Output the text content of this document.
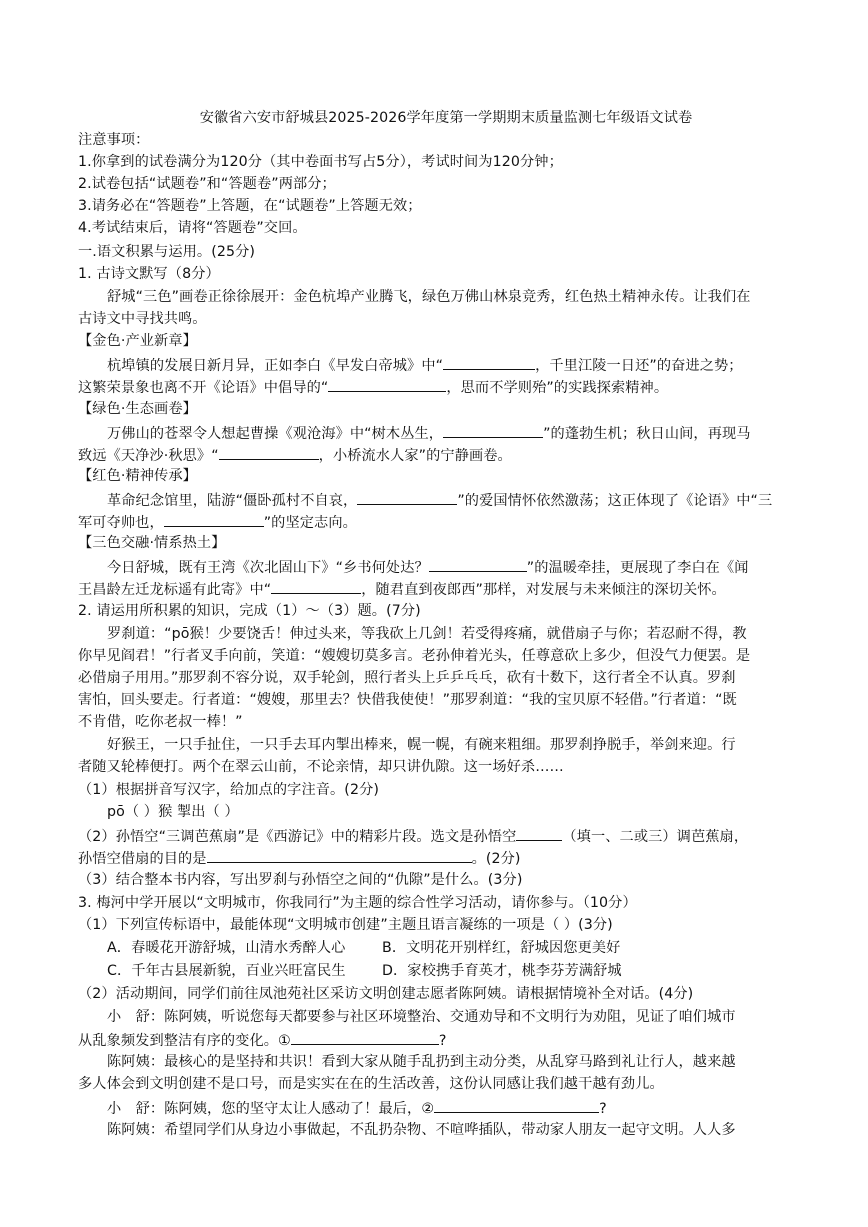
安徽省六安市舒城县2025-2026学年度第一学期期末质量监测七年级语文试卷
注意事项：
1.你拿到的试卷满分为120分（其中卷面书写占5分），考试时间为120分钟；
2.试卷包括“试题卷”和“答题卷”两部分；
3.请务必在“答题卷”上答题，在“试题卷”上答题无效；
4.考试结束后，请将“答题卷”交回。
一.语文积累与运用。(25分)
1. 古诗文默写（8分）
舒城“三色”画卷正徐徐展开：金色杭埠产业腾飞，绿色万佛山林泉竞秀，红色热土精神永传。让我们在
古诗文中寻找共鸣。
【金色·产业新章】
杭埠镇的发展日新月异，正如李白《早发白帝城》中“	，千里江陵一日还”的奋进之势；
这繁荣景象也离不开《论语》中倡导的“	，思而不学则殆”的实践探索精神。
【绿色·生态画卷】
万佛山的苍翠令人想起曹操《观沧海》中“树木丛生，	”的蓬勃生机；秋日山间，再现马
致远《天净沙·秋思》“	，小桥流水人家”的宁静画卷。
【红色·精神传承】
革命纪念馆里，陆游“僵卧孤村不自哀，	”的爱国情怀依然激荡；这正体现了《论语》中“三
军可夺帅也，	”的坚定志向。
【三色交融·情系热土】
今日舒城，既有王湾《次北固山下》“乡书何处达？	”的温暖牵挂，更展现了李白在《闻
王昌龄左迁龙标遥有此寄》中“	，随君直到夜郎西”那样，对发展与未来倾注的深切关怀。
2. 请运用所积累的知识，完成（1）～（3）题。(7分)
罗刹道：“pō猴！少要饶舌！伸过头来，等我砍上几剑！若受得疼痛，就借扇子与你；若忍耐不得，教
你早见阎君！”行者叉手向前，笑道：“嫂嫂切莫多言。老孙伸着光头，任尊意砍上多少，但没气力便罢。是
必借扇子用用。”那罗刹不容分说，双手轮剑，照行者头上乒乒乓乓，砍有十数下，这行者全不认真。罗刹
害怕，回头要走。行者道：“嫂嫂，那里去？快借我使使！”那罗刹道：“我的宝贝原不轻借。”行者道：“既
不肯借，吃你老叔一棒！”
好猴王，一只手扯住，一只手去耳内掣出棒来，幌一幌，有碗来粗细。那罗刹挣脱手，举剑来迎。行
者随又轮棒便打。两个在翠云山前，不论亲情，却只讲仇隙。这一场好杀……
（1）根据拼音写汉字，给加点的字注音。(2分)
pō（ ）猴 掣出（ ）
（2）孙悟空“三调芭蕉扇”是《西游记》中的精彩片段。选文是孙悟空	（填一、二或三）调芭蕉扇，
孙悟空借扇的目的是	。(2分)
（3）结合整本书内容，写出罗刹与孙悟空之间的“仇隙”是什么。(3分)
3. 梅河中学开展以“文明城市，你我同行”为主题的综合性学习活动，请你参与。（10分）
（1）下列宣传标语中，最能体现“文明城市创建”主题且语言凝练的一项是（ ）(3分)
A．春暖花开游舒城，山清水秀醉人心	B．文明花开别样红，舒城因您更美好
C．千年古县展新貌，百业兴旺富民生	D．家校携手育英才，桃李芬芳满舒城
（2）活动期间，同学们前往凤池苑社区采访文明创建志愿者陈阿姨。请根据情境补全对话。(4分)
小　舒：陈阿姨，听说您每天都要参与社区环境整治、交通劝导和不文明行为劝阻，见证了咱们城市
从乱象频发到整洁有序的变化。①	?
陈阿姨：最核心的是坚持和共识！看到大家从随手乱扔到主动分类，从乱穿马路到礼让行人，越来越
多人体会到文明创建不是口号，而是实实在在的生活改善，这份认同感让我们越干越有劲儿。
小　舒：陈阿姨，您的坚守太让人感动了！最后，②	?
陈阿姨：希望同学们从身边小事做起，不乱扔杂物、不喧哗插队，带动家人朋友一起守文明。人人多
